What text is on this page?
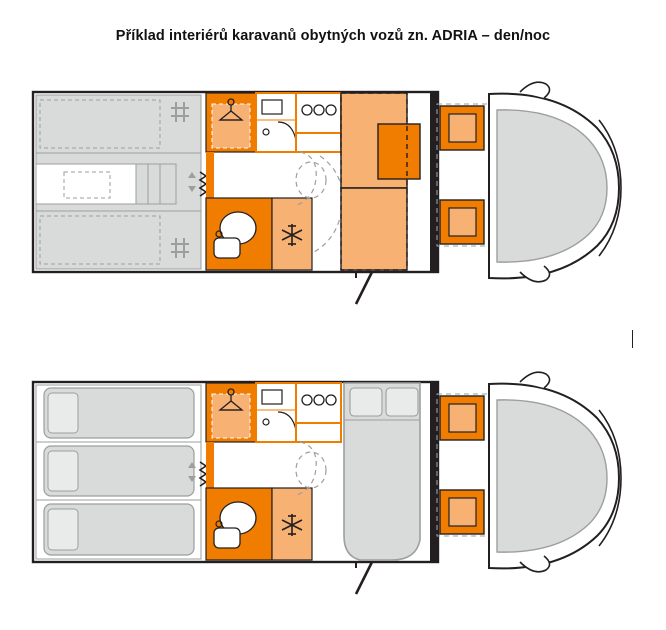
Příklad interiérů karavanů obytných vozů zn. ADRIA – den/noc
